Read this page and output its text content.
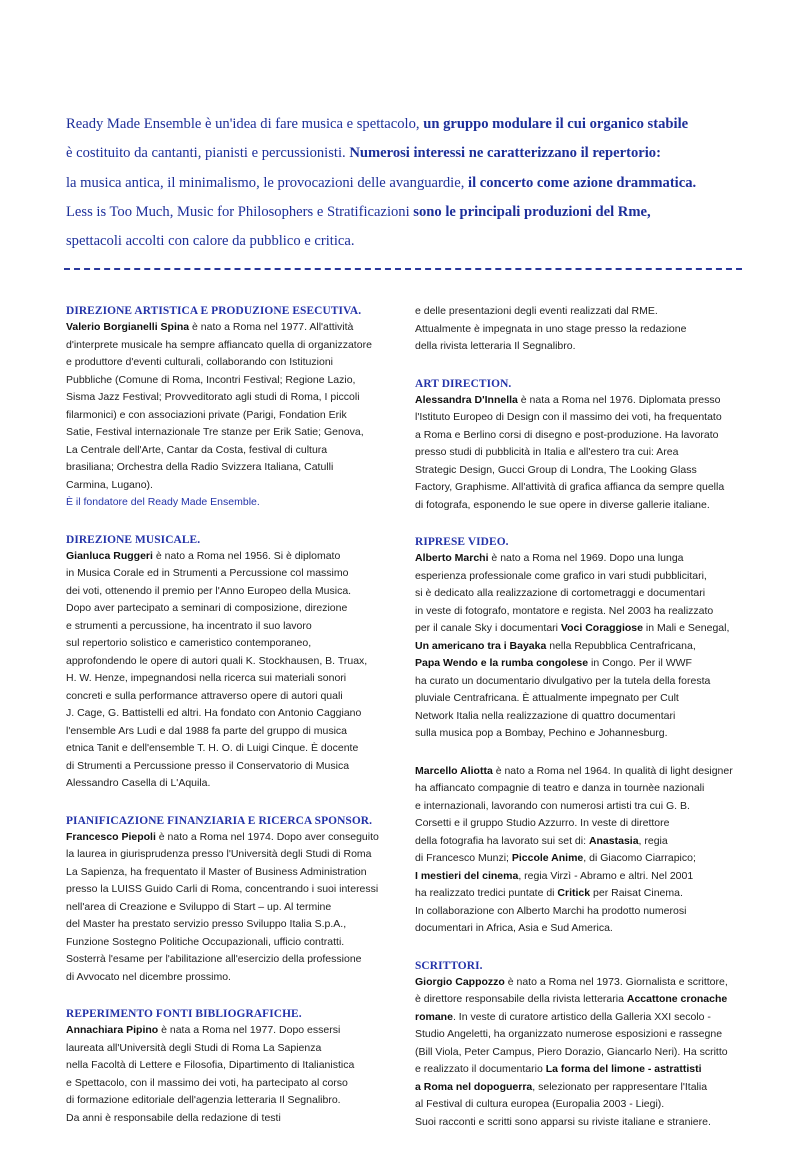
Ready Made Ensemble è un'idea di fare musica e spettacolo, un gruppo modulare il cui organico stabile
è costituito da cantanti, pianisti e percussionisti. Numerosi interessi ne caratterizzano il repertorio:
la musica antica, il minimalismo, le provocazioni delle avanguardie, il concerto come azione drammatica.
Less is Too Much, Music for Philosophers e Stratificazioni sono le principali produzioni del Rme,
spettacoli accolti con calore da pubblico e critica.

DIREZIONE ARTISTICA E PRODUZIONE ESECUTIVA.

Valerio Borgianelli Spina è nato a Roma nel 1977. All'attività
d'interprete musicale ha sempre affiancato quella di organizzatore
e produttore d'eventi culturali, collaborando con Istituzioni
Pubbliche (Comune di Roma, Incontri Festival; Regione Lazio,
Sisma Jazz Festival; Provveditorato agli studi di Roma, I piccoli
filarmonici) e con associazioni private (Parigi, Fondation Erik
Satie, Festival internazionale Tre stanze per Erik Satie; Genova,
La Centrale dell'Arte, Cantar da Costa, festival di cultura
brasiliana; Orchestra della Radio Svizzera Italiana, Catulli
Carmina, Lugano).
È il fondatore del Ready Made Ensemble.

DIREZIONE MUSICALE.

Gianluca Ruggeri è nato a Roma nel 1956. Si è diplomato
in Musica Corale ed in Strumenti a Percussione col massimo
dei voti, ottenendo il premio per l'Anno Europeo della Musica.
Dopo aver partecipato a seminari di composizione, direzione
e strumenti a percussione, ha incentrato il suo lavoro
sul repertorio solistico e cameristico contemporaneo,
approfondendo le opere di autori quali K. Stockhausen, B. Truax,
H. W. Henze, impegnandosi nella ricerca sui materiali sonori
concreti e sulla performance attraverso opere di autori quali
J. Cage, G. Battistelli ed altri. Ha fondato con Antonio Caggiano
l'ensemble Ars Ludi e dal 1988 fa parte del gruppo di musica
etnica Tanit e dell'ensemble T. H. O. di Luigi Cinque. È docente
di Strumenti a Percussione presso il Conservatorio di Musica
Alessandro Casella di L'Aquila.

PIANIFICAZIONE FINANZIARIA E RICERCA SPONSOR.

Francesco Piepoli è nato a Roma nel 1974. Dopo aver conseguito
la laurea in giurisprudenza presso l'Università degli Studi di Roma
La Sapienza, ha frequentato il Master of Business Administration
presso la LUISS Guido Carli di Roma, concentrando i suoi interessi
nell'area di Creazione e Sviluppo di Start – up. Al termine
del Master ha prestato servizio presso Sviluppo Italia S.p.A.,
Funzione Sostegno Politiche Occupazionali, ufficio contratti.
Sosterrà l'esame per l'abilitazione all'esercizio della professione
di Avvocato nel dicembre prossimo.

REPERIMENTO FONTI BIBLIOGRAFICHE.

Annachiara Pipino è nata a Roma nel 1977. Dopo essersi
laureata all'Università degli Studi di Roma La Sapienza
nella Facoltà di Lettere e Filosofia, Dipartimento di Italianistica
e Spettacolo, con il massimo dei voti, ha partecipato al corso
di formazione editoriale dell'agenzia letteraria Il Segnalibro.
Da anni è responsabile della redazione di testi

e delle presentazioni degli eventi realizzati dal RME.
Attualmente è impegnata in uno stage presso la redazione
della rivista letteraria Il Segnalibro.

ART DIRECTION.

Alessandra D'Innella è nata a Roma nel 1976. Diplomata presso
l'Istituto Europeo di Design con il massimo dei voti, ha frequentato
a Roma e Berlino corsi di disegno e post-produzione. Ha lavorato
presso studi di pubblicità in Italia e all'estero tra cui: Area
Strategic Design, Gucci Group di Londra, The Looking Glass
Factory, Graphisme. All'attività di grafica affianca da sempre quella
di fotografa, esponendo le sue opere in diverse gallerie italiane.

RIPRESE VIDEO.

Alberto Marchi è nato a Roma nel 1969. Dopo una lunga
esperienza professionale come grafico in vari studi pubblicitari,
si è dedicato alla realizzazione di cortometraggi e documentari
in veste di fotografo, montatore e regista. Nel 2003 ha realizzato
per il canale Sky i documentari Voci Coraggiose in Mali e Senegal,
Un americano tra i Bayaka nella Repubblica Centrafricana,
Papa Wendo e la rumba congolese in Congo. Per il WWF
ha curato un documentario divulgativo per la tutela della foresta
pluviale Centrafricana. È attualmente impegnato per Cult
Network Italia nella realizzazione di quattro documentari
sulla musica pop a Bombay, Pechino e Johannesburg.

Marcello Aliotta è nato a Roma nel 1964. In qualità di light designer
ha affiancato compagnie di teatro e danza in tournèe nazionali
e internazionali, lavorando con numerosi artisti tra cui G. B.
Corsetti e il gruppo Studio Azzurro. In veste di direttore
della fotografia ha lavorato sui set di: Anastasia, regia
di Francesco Munzi; Piccole Anime, di Giacomo Ciarrapico;
I mestieri del cinema, regia Virzì - Abramo e altri. Nel 2001
ha realizzato tredici puntate di Critick per Raisat Cinema.
In collaborazione con Alberto Marchi ha prodotto numerosi
documentari in Africa, Asia e Sud America.

SCRITTORI.

Giorgio Cappozzo è nato a Roma nel 1973. Giornalista e scrittore,
è direttore responsabile della rivista letteraria Accattone cronache
romane. In veste di curatore artistico della Galleria XXI secolo -
Studio Angeletti, ha organizzato numerose esposizioni e rassegne
(Bill Viola, Peter Campus, Piero Dorazio, Giancarlo Neri). Ha scritto
e realizzato il documentario La forma del limone - astrattisti
a Roma nel dopoguerra, selezionato per rappresentare l'Italia
al Festival di cultura europea (Europalia 2003 - Liegi).
Suoi racconti e scritti sono apparsi su riviste italiane e straniere.
